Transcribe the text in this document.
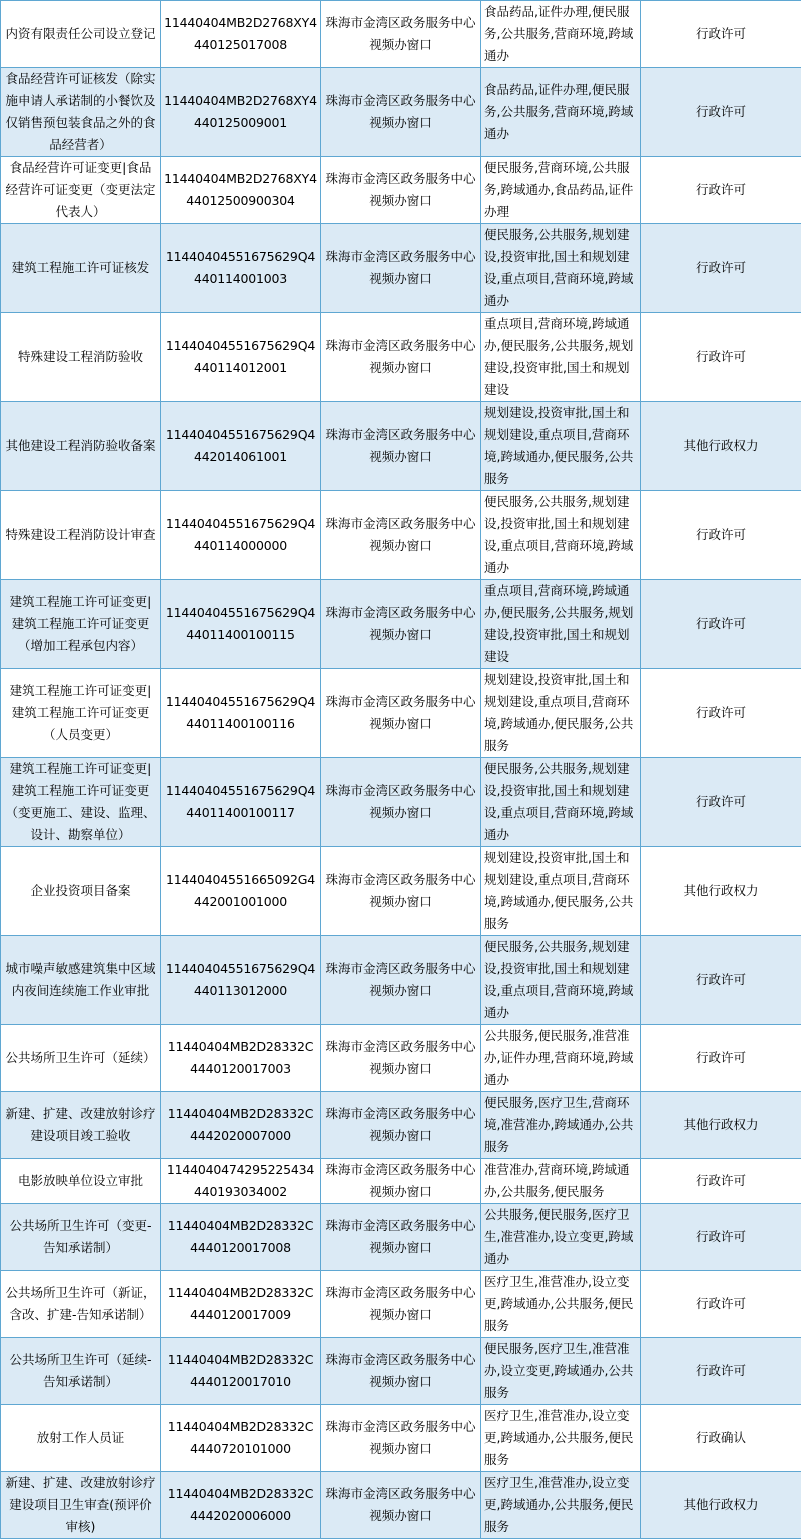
内资有限责任公司设立登记	11440404MB2D2768XY4440125017008	珠海市金湾区政务服务中心视频办窗口	食品药品,证件办理,便民服务,公共服务,营商环境,跨域通办	行政许可
食品经营许可证核发（除实施申请人承诺制的小餐饮及仅销售预包装食品之外的食品经营者）	11440404MB2D2768XY4440125009001	珠海市金湾区政务服务中心视频办窗口	食品药品,证件办理,便民服务,公共服务,营商环境,跨域通办	行政许可
食品经营许可证变更|食品经营许可证变更（变更法定代表人）	11440404MB2D2768XY444012500900304	珠海市金湾区政务服务中心视频办窗口	便民服务,营商环境,公共服务,跨域通办,食品药品,证件办理	行政许可
建筑工程施工许可证核发	11440404551675629Q4440114001003	珠海市金湾区政务服务中心视频办窗口	便民服务,公共服务,规划建设,投资审批,国土和规划建设,重点项目,营商环境,跨域通办	行政许可
特殊建设工程消防验收	11440404551675629Q4440114012001	珠海市金湾区政务服务中心视频办窗口	重点项目,营商环境,跨域通办,便民服务,公共服务,规划建设,投资审批,国土和规划建设	行政许可
其他建设工程消防验收备案	11440404551675629Q4442014061001	珠海市金湾区政务服务中心视频办窗口	规划建设,投资审批,国土和规划建设,重点项目,营商环境,跨域通办,便民服务,公共服务	其他行政权力
特殊建设工程消防设计审查	11440404551675629Q4440114000000	珠海市金湾区政务服务中心视频办窗口	便民服务,公共服务,规划建设,投资审批,国土和规划建设,重点项目,营商环境,跨域通办	行政许可
建筑工程施工许可证变更|建筑工程施工许可证变更（增加工程承包内容）	11440404551675629Q444011400100115	珠海市金湾区政务服务中心视频办窗口	重点项目,营商环境,跨域通办,便民服务,公共服务,规划建设,投资审批,国土和规划建设	行政许可
建筑工程施工许可证变更|建筑工程施工许可证变更（人员变更）	11440404551675629Q444011400100116	珠海市金湾区政务服务中心视频办窗口	规划建设,投资审批,国土和规划建设,重点项目,营商环境,跨域通办,便民服务,公共服务	行政许可
建筑工程施工许可证变更|建筑工程施工许可证变更（变更施工、建设、监理、设计、勘察单位）	11440404551675629Q444011400100117	珠海市金湾区政务服务中心视频办窗口	便民服务,公共服务,规划建设,投资审批,国土和规划建设,重点项目,营商环境,跨域通办	行政许可
企业投资项目备案	11440404551665092G4442001001000	珠海市金湾区政务服务中心视频办窗口	规划建设,投资审批,国土和规划建设,重点项目,营商环境,跨域通办,便民服务,公共服务	其他行政权力
城市噪声敏感建筑集中区域内夜间连续施工作业审批	11440404551675629Q4440113012000	珠海市金湾区政务服务中心视频办窗口	便民服务,公共服务,规划建设,投资审批,国土和规划建设,重点项目,营商环境,跨域通办	行政许可
公共场所卫生许可（延续）	11440404MB2D28332C4440120017003	珠海市金湾区政务服务中心视频办窗口	公共服务,便民服务,准营准办,证件办理,营商环境,跨域通办	行政许可
新建、扩建、改建放射诊疗建设项目竣工验收	11440404MB2D28332C4442020007000	珠海市金湾区政务服务中心视频办窗口	便民服务,医疗卫生,营商环境,准营准办,跨域通办,公共服务	其他行政权力
电影放映单位设立审批	114404047429522543444019303400​2	珠海市金湾区政务服务中心视频办窗口	准营准办,营商环境,跨域通办,公共服务,便民服务	行政许可
公共场所卫生许可（变更-告知承诺制）	11440404MB2D28332C4440120017008	珠海市金湾区政务服务中心视频办窗口	公共服务,便民服务,医疗卫生,准营准办,设立变更,跨域通办	行政许可
公共场所卫生许可（新证，含改、扩建-告知承诺制）	11440404MB2D28332C4440120017009	珠海市金湾区政务服务中心视频办窗口	医疗卫生,准营准办,设立变更,跨域通办,公共服务,便民服务	行政许可
公共场所卫生许可（延续-告知承诺制）	11440404MB2D28332C4440120017010	珠海市金湾区政务服务中心视频办窗口	便民服务,医疗卫生,准营准办,设立变更,跨域通办,公共服务	行政许可
放射工作人员证	11440404MB2D28332C4440720101000	珠海市金湾区政务服务中心视频办窗口	医疗卫生,准营准办,设立变更,跨域通办,公共服务,便民服务	行政确认
新建、扩建、改建放射诊疗建设项目卫生审查(预评价审核)	11440404MB2D28332C4442020006000	珠海市金湾区政务服务中心视频办窗口	医疗卫生,准营准办,设立变更,跨域通办,公共服务,便民服务	其他行政权力
